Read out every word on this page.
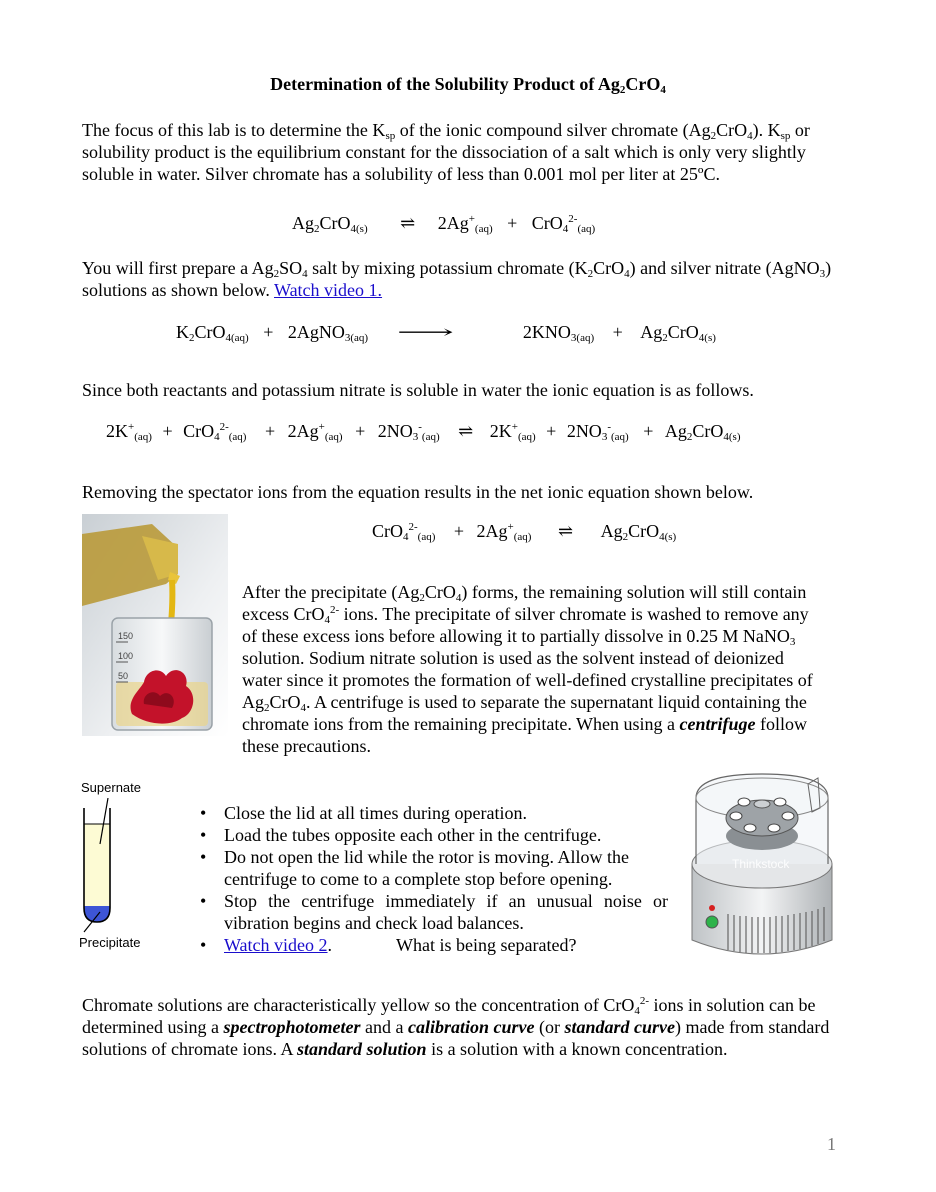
Determination of the Solubility Product of $Ag_2CrO_4$
The focus of this lab is to determine the $K_{sp}$ of the ionic compound silver chromate $(Ag_2CrO_4)$. $K_{sp}$ or solubility product is the equilibrium constant for the dissociation of a salt which is only very slightly soluble in water. Silver chromate has a solubility of less than 0.001 mol per liter at 25ºC.
$Ag_2CrO_{4(s)}$ ⇌ $2Ag^+_{(aq)} + CrO_4^{2-}_{(aq)}$
You will first prepare a $Ag_2SO_4$ salt by mixing potassium chromate $(K_2CrO_4)$ and silver nitrate (AgNO$_3$) solutions as shown below. Watch video 1.
$K_2CrO_{4(aq)}$ + 2AgNO$_{3(aq)}$ ⟶	$2KNO_{3(aq)} + Ag_2CrO_{4(s)}$
Since both reactants and potassium nitrate is soluble in water the ionic equation is as follows.
$2K^+_{(aq)} + CrO_4^{2-}_{(aq)} + 2Ag^+_{(aq)} + 2NO_3^-_{(aq)}$ ⇌ $2K^+_{(aq)} + 2NO_3^-_{(aq)} + Ag_2CrO_{4(s)}$
Removing the spectator ions from the equation results in the net ionic equation shown below.
150
100
50
$CrO_4^{2-}_{(aq)} + 2Ag^+_{(aq)}$ ⇌ $Ag_2CrO_{4(s)}$
After the precipitate $(Ag_2CrO_4)$ forms, the remaining solution will still contain excess CrO$_4^{2-}$ ions. The precipitate of silver chromate is washed to remove any of these excess ions before allowing it to partially dissolve in 0.25 M NaNO$_3$ solution. Sodium nitrate solution is used as the solvent instead of deionized water since it promotes the formation of well-defined crystalline precipitates of $Ag_2CrO_4$. A centrifuge is used to separate the supernatant liquid containing the chromate ions from the remaining precipitate. When using a centrifuge follow these precautions.
Supernate
Precipitate
• Close the lid at all times during operation.
• Load the tubes opposite each other in the centrifuge.
• Do not open the lid while the rotor is moving. Allow the centrifuge to come to a complete stop before opening.
• Stop the centrifuge immediately if an unusual noise or vibration begins and check load balances.
• Watch video 2.	What is being separated?
Thinkstock
Chromate solutions are characteristically yellow so the concentration of CrO$_4^{2-}$ ions in solution can be determined using a spectrophotometer and a calibration curve (or standard curve) made from standard solutions of chromate ions. A standard solution is a solution with a known concentration.
1
